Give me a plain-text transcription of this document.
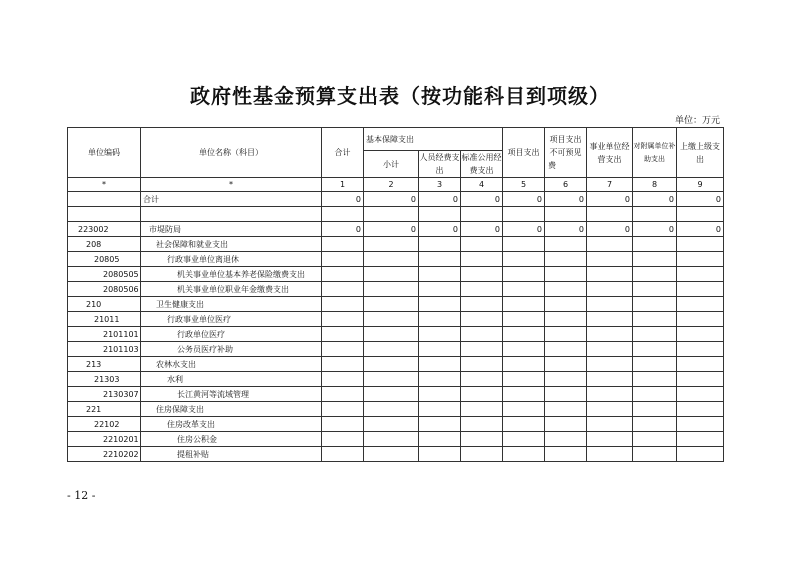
政府性基金预算支出表（按功能科目到项级）
单位：万元
单位编码	单位名称（科目）	合计	基本保障支出			项目支出	项目支出不可预见费	事业单位经营支出	对附属单位补助支出	上缴上级支出
			小计	人员经费支出	标准公用经费支出					
*	*	1	2	3	4	5	6	7	8	9
	合计	0	0	0	0	0	0	0	0	0

223002	市堤防局	0	0	0	0	0	0	0	0	0
208	社会保障和就业支出									
20805	行政事业单位离退休									
2080505	机关事业单位基本养老保险缴费支出									
2080506	机关事业单位职业年金缴费支出									
210	卫生健康支出									
21011	行政事业单位医疗									
2101101	行政单位医疗									
2101103	公务员医疗补助									
213	农林水支出									
21303	水利									
2130307	长江黄河等流域管理									
221	住房保障支出									
22102	住房改革支出									
2210201	住房公积金									
2210202	提租补贴									
- 12 -
